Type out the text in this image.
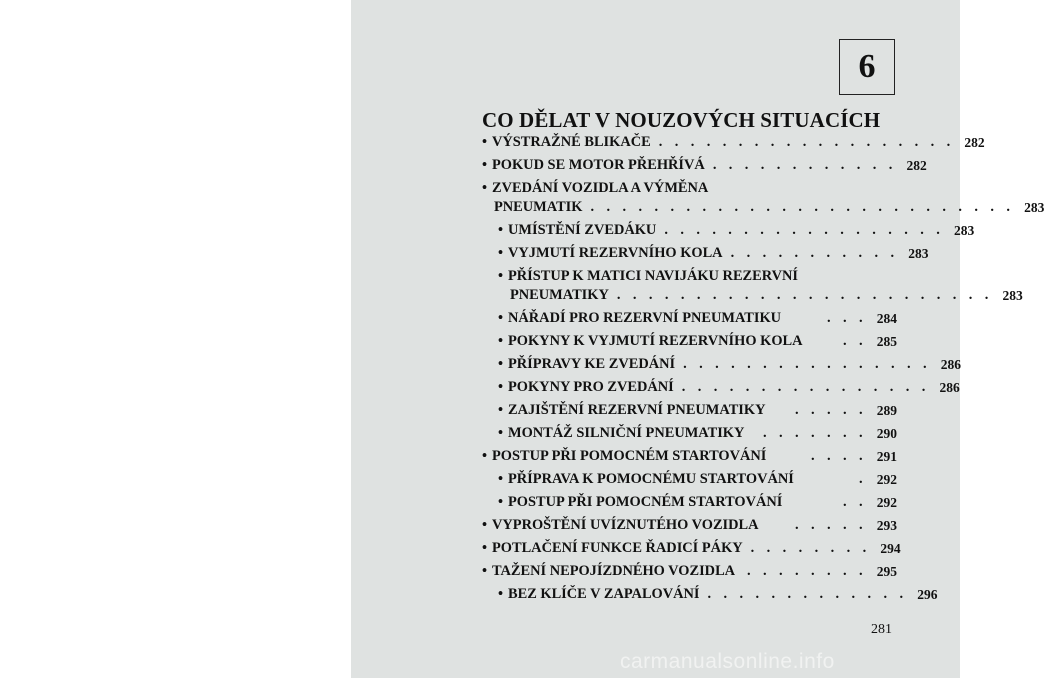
6
CO DĚLAT V NOUZOVÝCH SITUACÍCH
• VÝSTRAŽNÉ BLIKAČE . . . . . . . . . . . . . . . . . . . 282
• POKUD SE MOTOR PŘEHŘÍVÁ . . . . . . . . . . . . 282
• ZVEDÁNÍ VOZIDLA A VÝMĚNA
PNEUMATIK . . . . . . . . . . . . . . . . . . . . . . . . . . . 283
• UMÍSTĚNÍ ZVEDÁKU . . . . . . . . . . . . . . . . . . 283
• VYJMUTÍ REZERVNÍHO KOLA . . . . . . . . . . . 283
• PŘÍSTUP K MATICI NAVIJÁKU REZERVNÍ
PNEUMATIKY . . . . . . . . . . . . . . . . . . . . . . . . 283
• NÁŘADÍ PRO REZERVNÍ PNEUMATIKU	. . . 284
• POKYNY K VYJMUTÍ REZERVNÍHO KOLA	. . 285
• PŘÍPRAVY KE ZVEDÁNÍ . . . . . . . . . . . . . . . . 286
• POKYNY PRO ZVEDÁNÍ . . . . . . . . . . . . . . . . 286
• ZAJIŠTĚNÍ REZERVNÍ PNEUMATIKY	. . . . . 289
• MONTÁŽ SILNIČNÍ PNEUMATIKY	. . . . . . . 290
• POSTUP PŘI POMOCNÉM STARTOVÁNÍ	. . . . 291
• PŘÍPRAVA K POMOCNÉMU STARTOVÁNÍ	. 292
• POSTUP PŘI POMOCNÉM STARTOVÁNÍ	. . 292
• VYPROŠTĚNÍ UVÍZNUTÉHO VOZIDLA	. . . . . 293
• POTLAČENÍ FUNKCE ŘADICÍ PÁKY . . . . . . . . 294
• TAŽENÍ NEPOJÍZDNÉHO VOZIDLA . . . . . . . . 295
• BEZ KLÍČE V ZAPALOVÁNÍ . . . . . . . . . . . . . 296
281
carmanualsonline.info
